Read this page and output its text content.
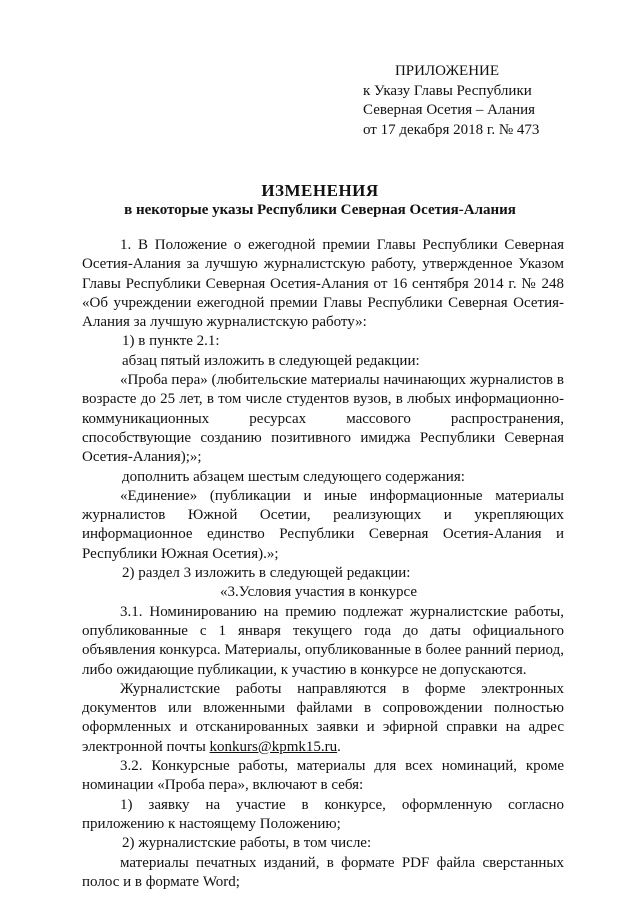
ПРИЛОЖЕНИЕ
к Указу Главы Республики
Северная Осетия – Алания
от 17 декабря 2018 г. № 473
ИЗМЕНЕНИЯ
в некоторые указы Республики Северная Осетия-Алания

1. В Положение о ежегодной премии Главы Республики Северная Осетия-Алания за лучшую журналистскую работу, утвержденное Указом Главы Республики Северная Осетия-Алания от 16 сентября 2014 г. № 248 «Об учреждении ежегодной премии Главы Республики Северная Осетия-Алания за лучшую журналистскую работу»:

1) в пункте 2.1:

абзац пятый изложить в следующей редакции:

«Проба пера» (любительские материалы начинающих журналистов в возрасте до 25 лет, в том числе студентов вузов, в любых информационно-коммуникационных ресурсах массового распространения, способствующие созданию позитивного имиджа Республики Северная Осетия-Алания);»;

дополнить абзацем шестым следующего содержания:

«Единение» (публикации и иные информационные материалы журналистов Южной Осетии, реализующих и укрепляющих информационное единство Республики Северная Осетия-Алания и Республики Южная Осетия).»;

2) раздел 3 изложить в следующей редакции:

«3.Условия участия в конкурсе

3.1. Номинированию на премию подлежат журналистские работы, опубликованные с 1 января текущего года до даты официального объявления конкурса. Материалы, опубликованные в более ранний период, либо ожидающие публикации, к участию в конкурсе не допускаются.

Журналистские работы направляются в форме электронных документов или вложенными файлами в сопровождении полностью оформленных и отсканированных заявки и эфирной справки на адрес электронной почты konkurs@kpmk15.ru.

3.2. Конкурсные работы, материалы для всех номинаций, кроме номинации «Проба пера», включают в себя:

1) заявку на участие в конкурсе, оформленную согласно приложению к настоящему Положению;

2) журналистские работы, в том числе:

материалы печатных изданий, в формате PDF файла сверстанных полос и в формате Word;
